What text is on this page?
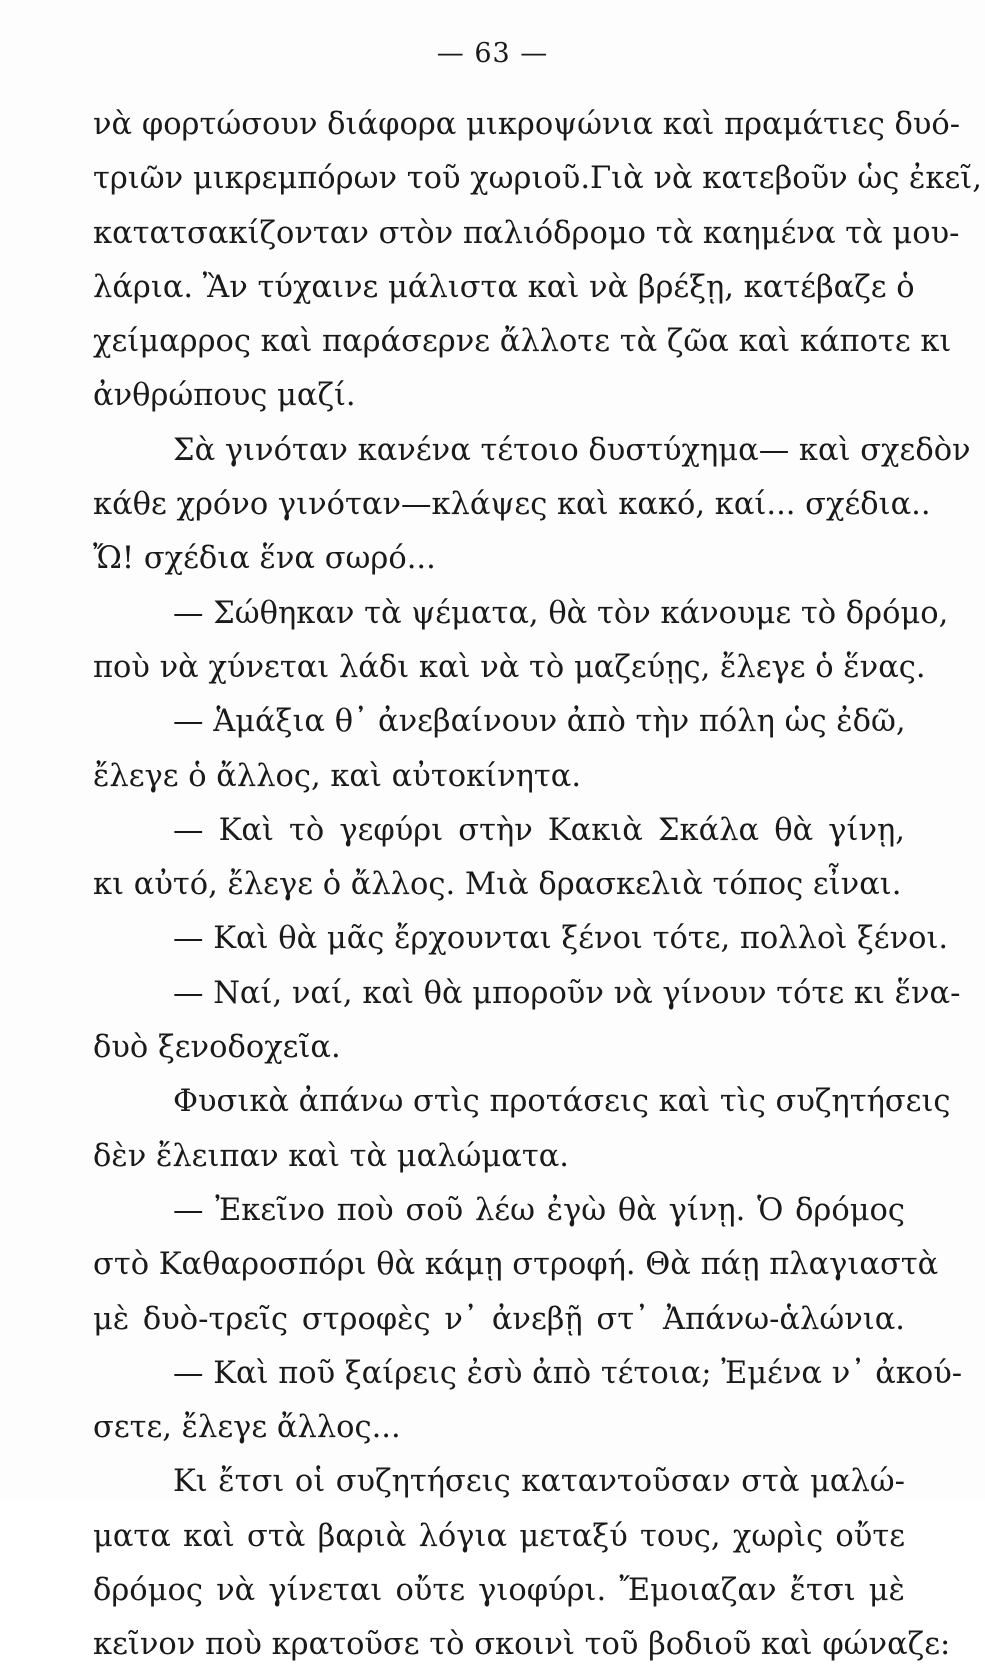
— 63 —
νὰ φορτώσουν διάφορα μικροψώνια καὶ πραμάτιες δυό-
τριῶν μικρεμπόρων τοῦ χωριοῦ.Γιὰ νὰ κατεβοῦν ὡς ἐκεῖ,
κατατσακίζονταν στὸν παλιόδρομο τὰ καημένα τὰ μου-
λάρια. Ἂν τύχαινε μάλιστα καὶ νὰ βρέξῃ, κατέβαζε ὁ
χείμαρρος καὶ παράσερνε ἄλλοτε τὰ ζῶα καὶ κάποτε κι
ἀνθρώπους μαζί.
Σὰ γινόταν κανένα τέτοιο δυστύχημα— καὶ σχεδὸν
κάθε χρόνο γινόταν—κλάψες καὶ κακό, καί... σχέδια..
Ὤ! σχέδια ἕνα σωρό...
— Σώθηκαν τὰ ψέματα, θὰ τὸν κάνουμε τὸ δρόμο,
ποὺ νὰ χύνεται λάδι καὶ νὰ τὸ μαζεύῃς, ἔλεγε ὁ ἕνας.
— Ἁμάξια θ᾽ ἀνεβαίνουν ἀπὸ τὴν πόλη ὡς ἐδῶ,
ἔλεγε ὁ ἄλλος, καὶ αὐτοκίνητα.
— Καὶ τὸ γεφύρι στὴν Κακιὰ Σκάλα θὰ γίνῃ,
κι αὐτό, ἔλεγε ὁ ἄλλος. Μιὰ δρασκελιὰ τόπος εἶναι.
— Καὶ θὰ μᾶς ἔρχουνται ξένοι τότε, πολλοὶ ξένοι.
— Ναί, ναί, καὶ θὰ μποροῦν νὰ γίνουν τότε κι ἕνα-
δυὸ ξενοδοχεῖα.
Φυσικὰ ἀπάνω στὶς προτάσεις καὶ τὶς συζητήσεις
δὲν ἔλειπαν καὶ τὰ μαλώματα.
— Ἐκεῖνο ποὺ σοῦ λέω ἐγὼ θὰ γίνῃ. Ὁ δρόμος
στὸ Καθαροσπόρι θὰ κάμῃ στροφή. Θὰ πάῃ πλαγιαστὰ
μὲ δυὸ-τρεῖς στροφὲς ν᾽ ἀνεβῇ στ᾽ Ἀπάνω-ἁλώνια.
— Καὶ ποῦ ξαίρεις ἐσὺ ἀπὸ τέτοια; Ἐμένα ν᾽ ἀκού-
σετε, ἔλεγε ἄλλος...
Κι ἔτσι οἱ συζητήσεις καταντοῦσαν στὰ μαλώ-
ματα καὶ στὰ βαριὰ λόγια μεταξύ τους, χωρὶς οὔτε
δρόμος νὰ γίνεται οὔτε γιοφύρι. Ἔμοιαζαν ἔτσι μὲ
κεῖνον ποὺ κρατοῦσε τὸ σκοινὶ τοῦ βοδιοῦ καὶ φώναζε:
